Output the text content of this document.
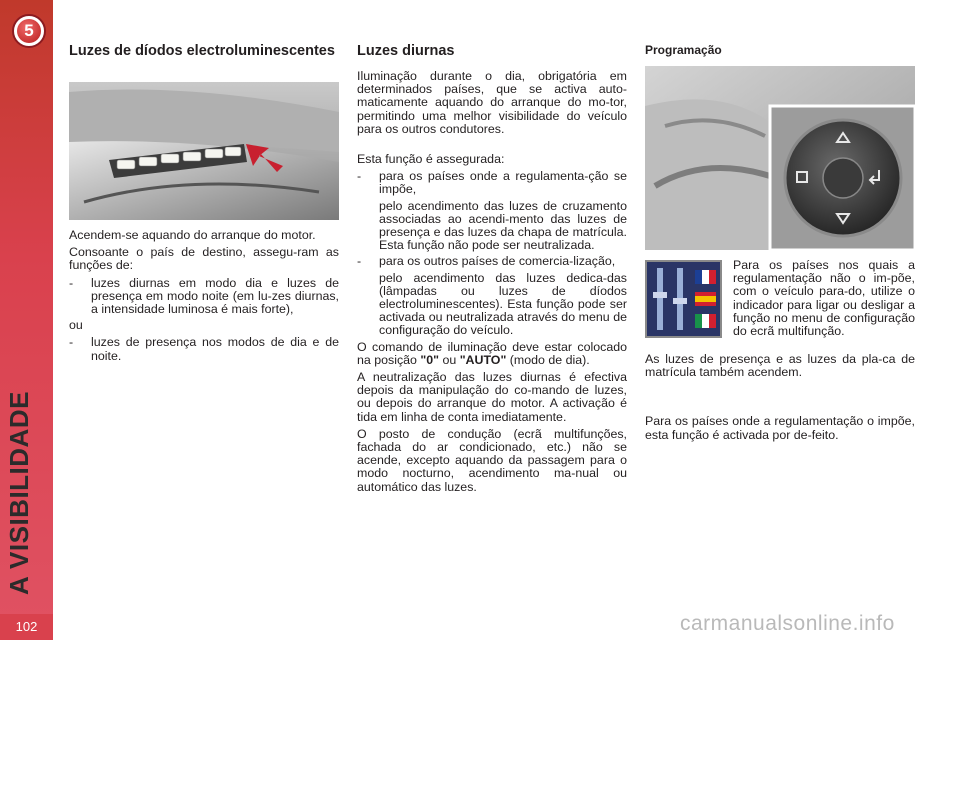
5
A VISIBILIDADE
102
Luzes de díodos electroluminescentes

Acendem-se aquando do arranque do motor.

Consoante o país de destino, assegu-ram as funções de:

- luzes diurnas em modo dia e luzes de presença em modo noite (em lu-zes diurnas, a intensidade luminosa é mais forte),

ou

- luzes de presença nos modos de dia e de noite.
Luzes diurnas

Iluminação durante o dia, obrigatória em determinados países, que se activa auto-maticamente aquando do arranque do mo-tor, permitindo uma melhor visibilidade do veículo para os outros condutores.

Esta função é assegurada:

- para os países onde a regulamenta-ção se impõe,
pelo acendimento das luzes de cruzamento associadas ao acendi-mento das luzes de presença e das luzes da chapa de matrícula. Esta função não pode ser neutralizada.
- para os outros países de comercia-lização,
pelo acendimento das luzes dedica-das (lâmpadas ou luzes de díodos electroluminescentes). Esta função pode ser activada ou neutralizada através do menu de configuração do veículo.

O comando de iluminação deve estar colocado na posição "0" ou "AUTO" (modo de dia).

A neutralização das luzes diurnas é efectiva depois da manipulação do co-mando de luzes, ou depois do arranque do motor. A activação é tida em linha de conta imediatamente.

O posto de condução (ecrã multifunções, fachada do ar condicionado, etc.) não se acende, excepto aquando da passagem para o modo nocturno, acendimento ma-nual ou automático das luzes.

Programação

Para os países nos quais a regulamentação não o im-põe, com o veículo para-do, utilize o indicador para ligar ou desligar a função no menu de configuração do ecrã multifunção.

As luzes de presença e as luzes da pla-ca de matrícula também acendem.

Para os países onde a regulamentação o impõe, esta função é activada por de-feito.

carmanualsonline.info
